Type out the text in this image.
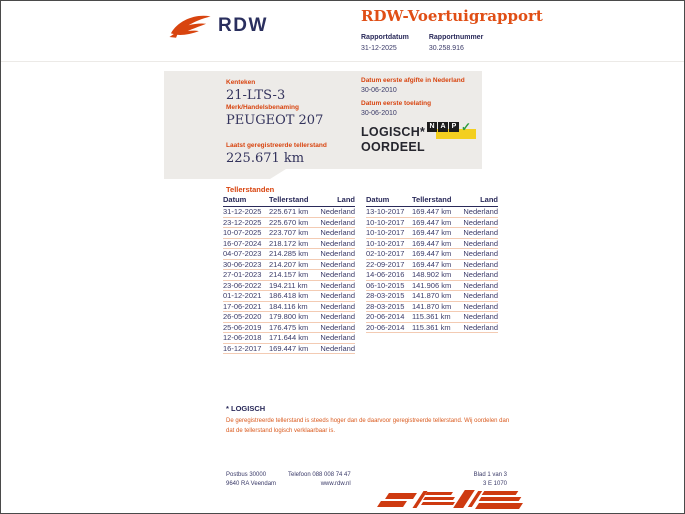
RDW	RDW-Voertuigrapport
Rapportdatum
31-12-2025
Rapportnummer
30.258.916
Kenteken
21-LTS-3
Merk/Handelsbenaming
PEUGEOT 207
Laatst geregistreerde tellerstand
225.671 km
Datum eerste afgifte in Nederland
30-06-2010
Datum eerste toelating
30-06-2010
LOGISCH*
OORDEEL
N A P ✓
Tellerstanden
Datum	Tellerstand	Land
31-12-2025	225.671 km	Nederland
23-12-2025	225.670 km	Nederland
10-07-2025	223.707 km	Nederland
16-07-2024	218.172 km	Nederland
04-07-2023	214.285 km	Nederland
30-06-2023	214.207 km	Nederland
27-01-2023	214.157 km	Nederland
23-06-2022	194.211 km	Nederland
01-12-2021	186.418 km	Nederland
17-06-2021	184.116 km	Nederland
26-05-2020	179.800 km	Nederland
25-06-2019	176.475 km	Nederland
12-06-2018	171.644 km	Nederland
16-12-2017	169.447 km	Nederland
Datum	Tellerstand	Land
13-10-2017	169.447 km	Nederland
10-10-2017	169.447 km	Nederland
10-10-2017	169.447 km	Nederland
10-10-2017	169.447 km	Nederland
02-10-2017	169.447 km	Nederland
22-09-2017	169.447 km	Nederland
14-06-2016	148.902 km	Nederland
06-10-2015	141.906 km	Nederland
28-03-2015	141.870 km	Nederland
28-03-2015	141.870 km	Nederland
20-06-2014	115.361 km	Nederland
20-06-2014	115.361 km	Nederland
* LOGISCH
De geregistreerde tellerstand is steeds hoger dan de daarvoor geregistreerde tellerstand. Wij oordelen dan dat de tellerstand logisch verklaarbaar is.
Postbus 30000
9640 RA Veendam
Telefoon 088 008 74 47
www.rdw.nl
Blad 1 van 3
3 E 1070
